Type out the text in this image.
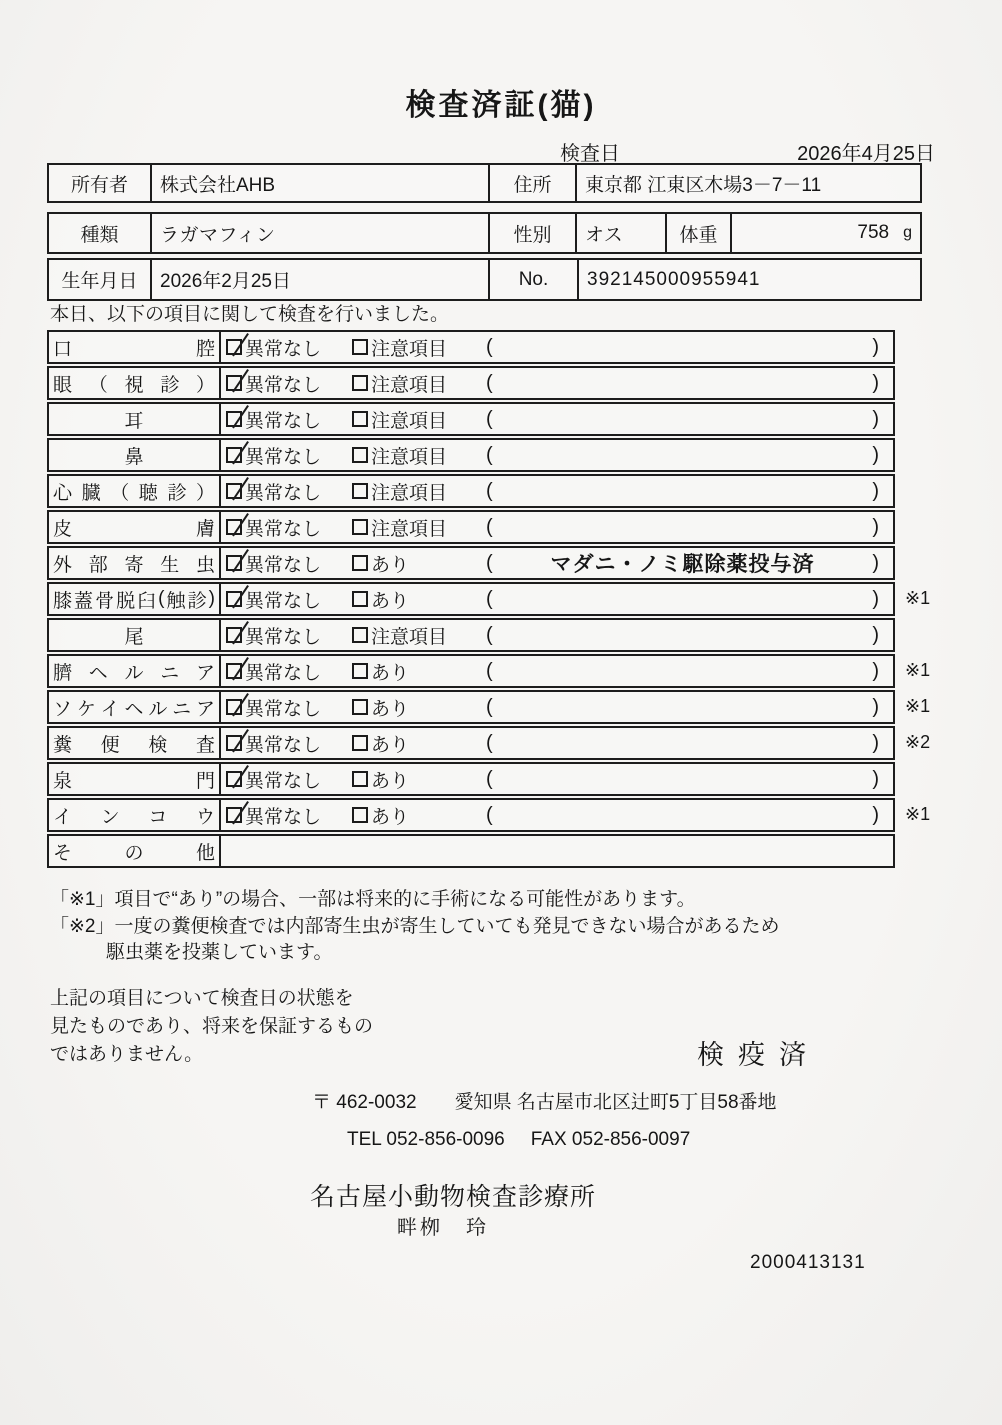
検査済証(猫)
検査日	2026年4月25日
所有者	株式会社AHB	住所	東京都 江東区木場3－7－11
種類	ラガマフィン	性別	オス	体重	758 g
生年月日	2026年2月25日	No.	392145000955941
本日、以下の項目に関して検査を行いました。
口	腔 異常なし	注意項目 (	)
眼 （ 視 診 ） 異常なし	注意項目 (	)
耳	異常なし	注意項目 (	)
鼻	異常なし	注意項目 (	)
心 臓 （ 聴 診 ） 異常なし	注意項目 (	)
皮	膚 異常なし	注意項目 (	)
外 部 寄 生 虫 異常なし	あり	(	マダニ・ノミ駆除薬投与済	)
膝 蓋 骨 脱 臼 ( 触 診 ) 異常なし	あり	(	) ※1
尾	異常なし	注意項目 (	)
臍 ヘ ル ニ ア 異常なし	あり	(	) ※1
ソ ケ イ ヘ ル ニ ア 異常なし	あり	(	) ※1
糞 便 検 査 異常なし	あり	(	) ※2
泉	門 異常なし	あり	(	)
イ ン コ ウ 異常なし	あり	(	) ※1
そ	の	他
「※1」項目で“あり”の場合、一部は将来的に手術になる可能性があります。
「※2」一度の糞便検査では内部寄生虫が寄生していても発見できない場合があるため
駆虫薬を投薬しています。
上記の項目について検査日の状態を
見たものであり、将来を保証するもの
ではありません。	検疫済
〒 462-0032 愛知県 名古屋市北区辻町5丁目58番地
TEL 052-856-0096 FAX 052-856-0097
名古屋小動物検査診療所
畔栁　玲
2000413131
